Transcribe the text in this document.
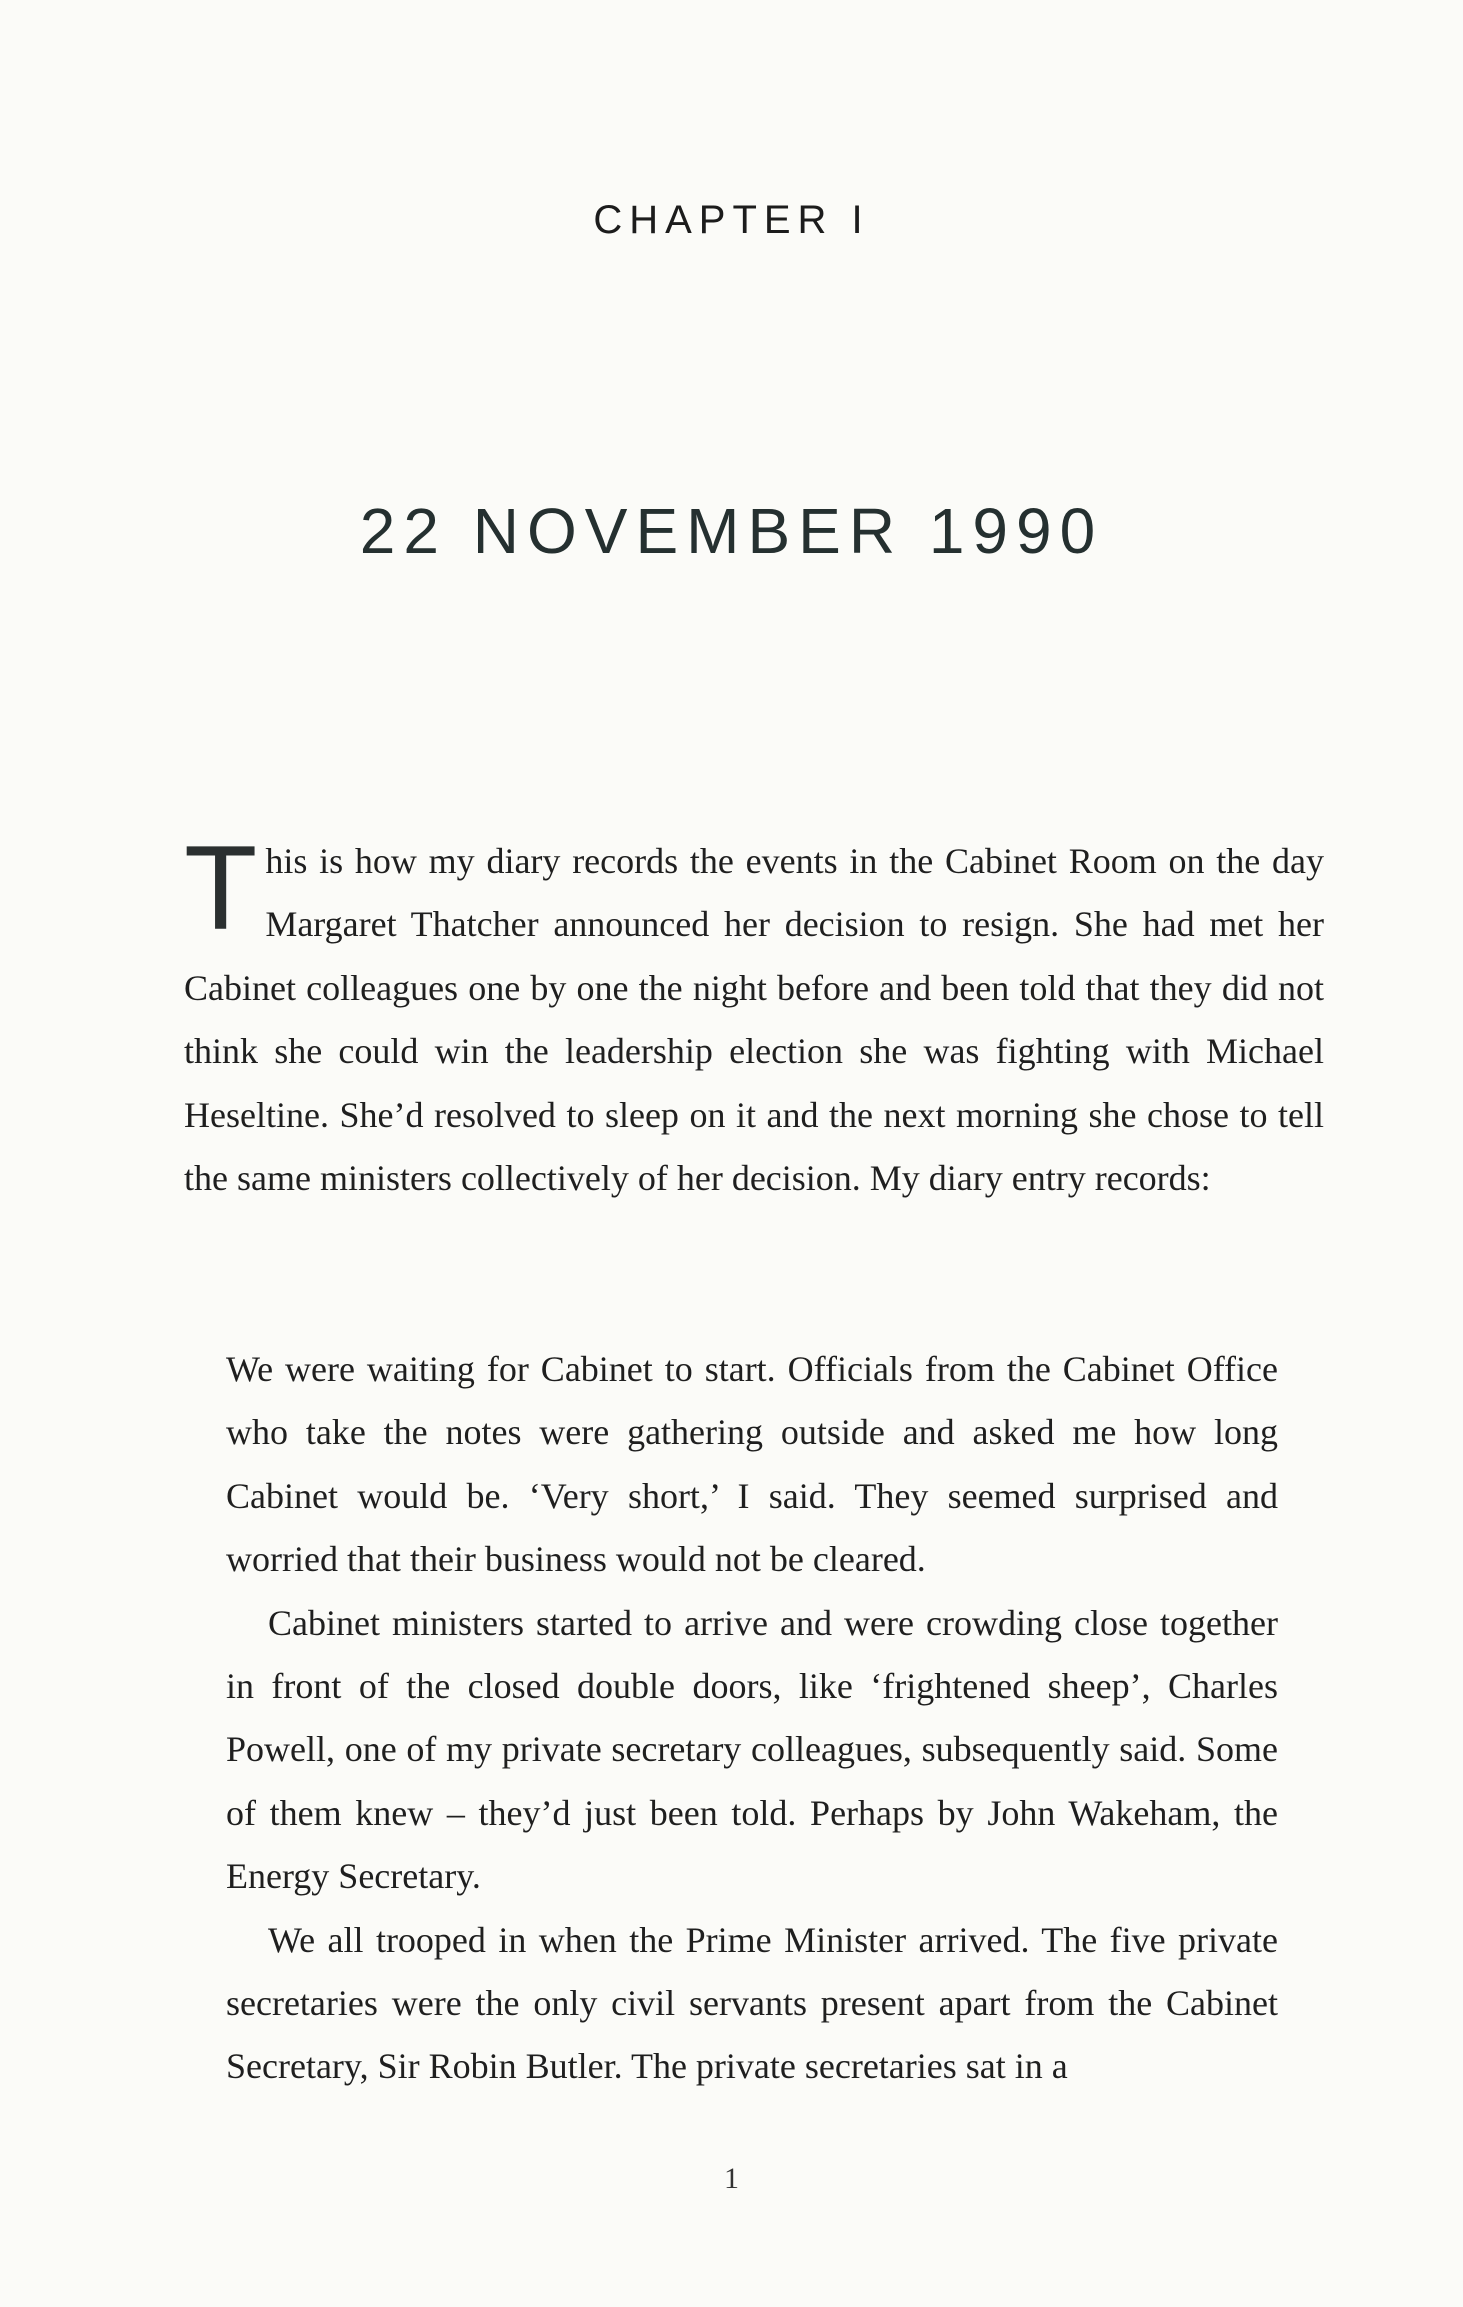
CHAPTER I
22 NOVEMBER 1990
This is how my diary records the events in the Cabinet Room on the day Margaret Thatcher announced her decision to resign. She had met her Cabinet colleagues one by one the night before and been told that they did not think she could win the leadership election she was fighting with Michael Heseltine. She’d resolved to sleep on it and the next morning she chose to tell the same ministers collectively of her decision. My diary entry records:

We were waiting for Cabinet to start. Officials from the Cabinet Office who take the notes were gathering outside and asked me how long Cabinet would be. ‘Very short,’ I said. They seemed surprised and worried that their business would not be cleared.

Cabinet ministers started to arrive and were crowding close together in front of the closed double doors, like ‘frightened sheep’, Charles Powell, one of my private secretary colleagues, subsequently said. Some of them knew – they’d just been told. Perhaps by John Wakeham, the Energy Secretary.

We all trooped in when the Prime Minister arrived. The five private secretaries were the only civil servants present apart from the Cabinet Secretary, Sir Robin Butler. The private secretaries sat in a

1
